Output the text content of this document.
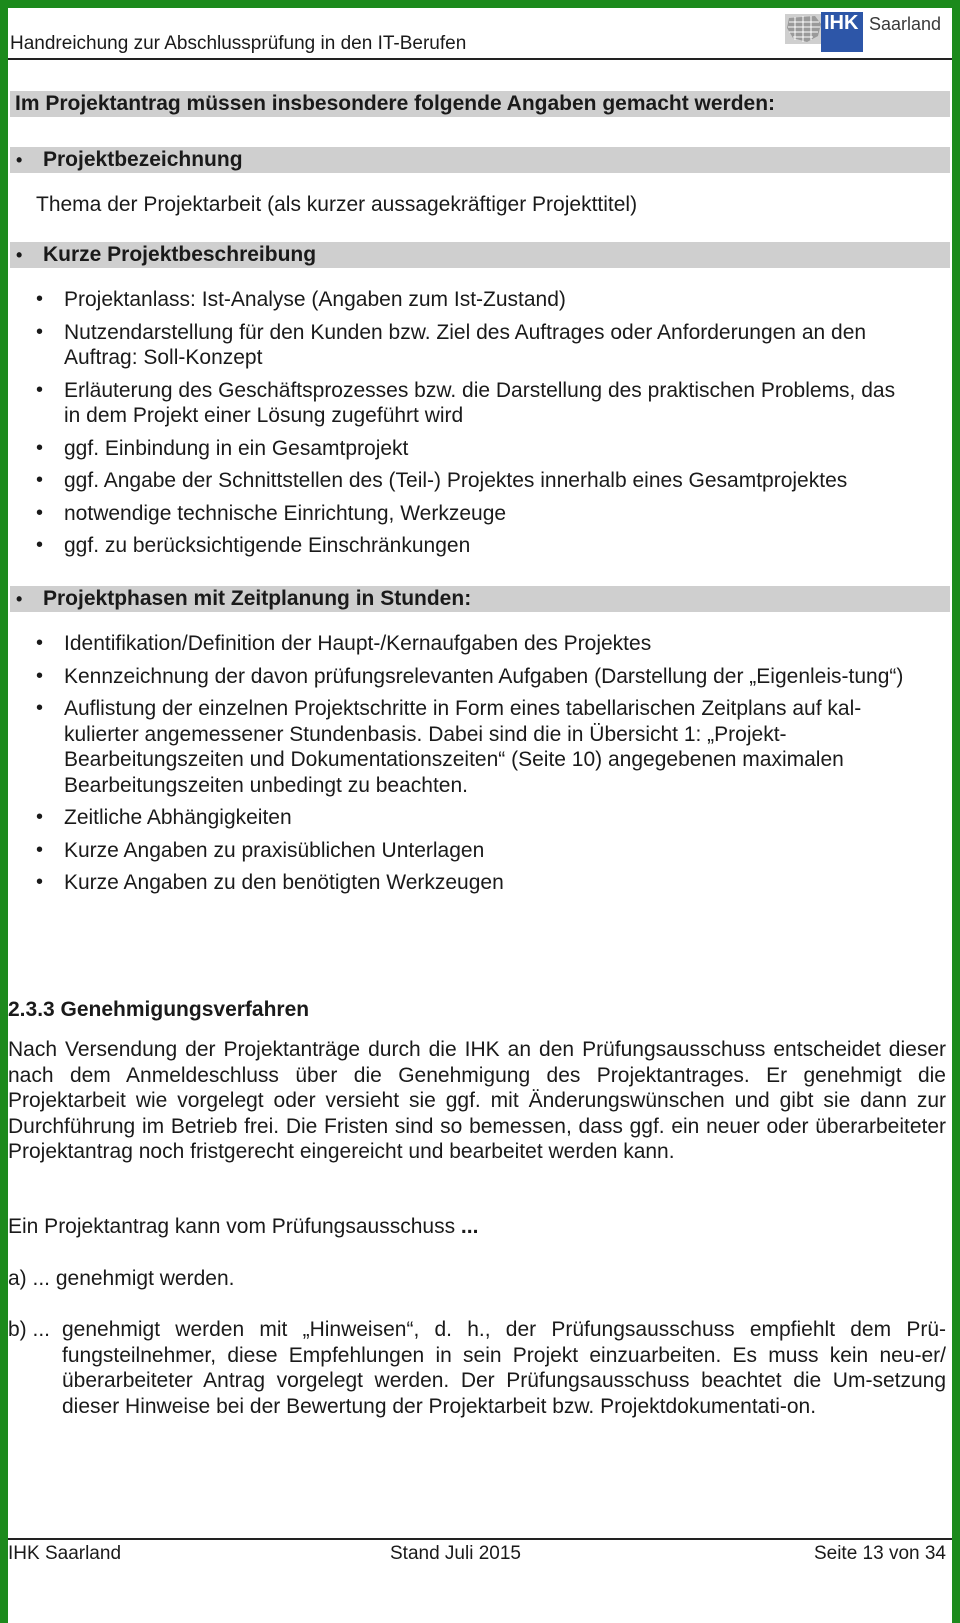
Handreichung zur Abschlussprüfung in den IT-Berufen
IHK Saarland
Im Projektantrag müssen insbesondere folgende Angaben gemacht werden:
• Projektbezeichnung
Thema der Projektarbeit (als kurzer aussagekräftiger Projekttitel)
• Kurze Projektbeschreibung
• Projektanlass: Ist-Analyse (Angaben zum Ist-Zustand)
• Nutzendarstellung für den Kunden bzw. Ziel des Auftrages oder Anforderungen an den Auftrag: Soll-Konzept
• Erläuterung des Geschäftsprozesses bzw. die Darstellung des praktischen Problems, das in dem Projekt einer Lösung zugeführt wird
• ggf. Einbindung in ein Gesamtprojekt
• ggf. Angabe der Schnittstellen des (Teil-) Projektes innerhalb eines Gesamtprojektes
• notwendige technische Einrichtung, Werkzeuge
• ggf. zu berücksichtigende Einschränkungen
• Projektphasen mit Zeitplanung in Stunden:
• Identifikation/Definition der Haupt-/Kernaufgaben des Projektes
• Kennzeichnung der davon prüfungsrelevanten Aufgaben (Darstellung der „Eigenleis-tung“)
• Auflistung der einzelnen Projektschritte in Form eines tabellarischen Zeitplans auf kal-kulierter angemessener Stundenbasis. Dabei sind die in Übersicht 1: „Projekt-Bearbeitungszeiten und Dokumentationszeiten“ (Seite 10) angegebenen maximalen Bearbeitungszeiten unbedingt zu beachten.
• Zeitliche Abhängigkeiten
• Kurze Angaben zu praxisüblichen Unterlagen
• Kurze Angaben zu den benötigten Werkzeugen
2.3.3 Genehmigungsverfahren
Nach Versendung der Projektanträge durch die IHK an den Prüfungsausschuss entscheidet dieser nach dem Anmeldeschluss über die Genehmigung des Projektantrages. Er genehmigt die Projektarbeit wie vorgelegt oder versieht sie ggf. mit Änderungswünschen und gibt sie dann zur Durchführung im Betrieb frei. Die Fristen sind so bemessen, dass ggf. ein neuer oder überarbeiteter Projektantrag noch fristgerecht eingereicht und bearbeitet werden kann.
Ein Projektantrag kann vom Prüfungsausschuss ...
a) ... genehmigt werden.
b) ... genehmigt werden mit „Hinweisen“, d. h., der Prüfungsausschuss empfiehlt dem Prü-fungsteilnehmer, diese Empfehlungen in sein Projekt einzuarbeiten. Es muss kein neu-er/überarbeiteter Antrag vorgelegt werden. Der Prüfungsausschuss beachtet die Um-setzung dieser Hinweise bei der Bewertung der Projektarbeit bzw. Projektdokumentati-on.
IHK Saarland	Stand Juli 2015	Seite 13 von 34
